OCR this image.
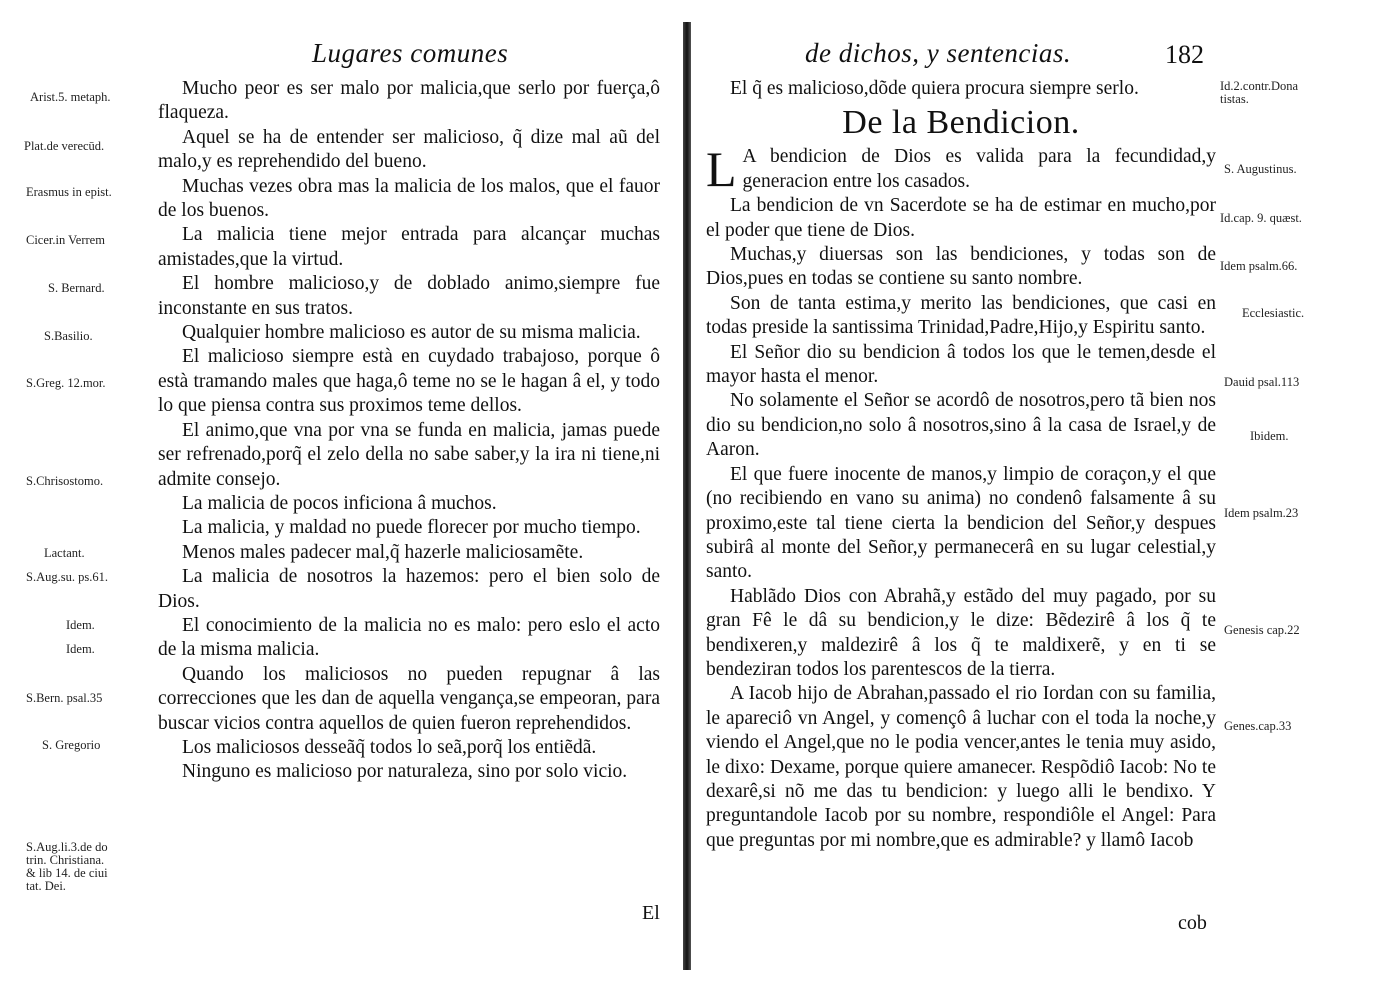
Lugares comunes
Arist.5. metaph.
Plat.de verecūd.
Erasmus in epist.
Cicer.in Verrem
S. Bernard.
S.Basilio.
S.Greg. 12.mor.
S.Chrisostomo.
Lactant.
S.Aug.su. ps.61.
Idem.
Idem.
S.Bern. psal.35
S. Gregorio
S.Aug.li.3.de do
trin. Christiana.
& lib 14. de ciui
tat. Dei.

Mucho peor es ser malo por malicia,que serlo por fuerça,ô flaqueza.

Aquel se ha de entender ser malicioso, q̃ dize mal aũ del malo,y es reprehendido del bueno.

Muchas vezes obra mas la malicia de los malos, que el fauor de los buenos.

La malicia tiene mejor entrada para alcançar muchas amistades,que la virtud.

El hombre malicioso,y de doblado animo,siempre fue inconstante en sus tratos.

Qualquier hombre malicioso es autor de su misma malicia.

El malicioso siempre està en cuydado trabajoso, porque ô està tramando males que haga,ô teme no se le hagan â el, y todo lo que piensa contra sus proximos teme dellos.

El animo,que vna por vna se funda en malicia, jamas puede ser refrenado,porq̃ el zelo della no sabe saber,y la ira ni tiene,ni admite consejo.

La malicia de pocos inficiona â muchos.

La malicia, y maldad no puede florecer por mucho tiempo.

Menos males padecer mal,q̃ hazerle maliciosamẽte.

La malicia de nosotros la hazemos: pero el bien solo de Dios.

El conocimiento de la malicia no es malo: pero eslo el acto de la misma malicia.

Quando los maliciosos no pueden repugnar â las correcciones que les dan de aquella vengança,se empeoran, para buscar vicios contra aquellos de quien fueron reprehendidos.

Los maliciosos desseãq̃ todos lo seã,porq̃ los entiẽdã.

Ninguno es malicioso por naturaleza, sino por solo vicio.

El
de dichos, y sentencias.	182

El q̃ es malicioso,dõde quiera procura siempre serlo.

De la Bendicion.

L A bendicion de Dios es valida para la fecundidad,y generacion entre los casados.

La bendicion de vn Sacerdote se ha de estimar en mucho,por el poder que tiene de Dios.

Muchas,y diuersas son las bendiciones, y todas son de Dios,pues en todas se contiene su santo nombre.

Son de tanta estima,y merito las bendiciones, que casi en todas preside la santissima Trinidad,Padre,Hijo,y Espiritu santo.

El Señor dio su bendicion â todos los que le temen,desde el mayor hasta el menor.

No solamente el Señor se acordô de nosotros,pero tã bien nos dio su bendicion,no solo â nosotros,sino â la casa de Israel,y de Aaron.

El que fuere inocente de manos,y limpio de coraçon,y el que (no recibiendo en vano su anima) no condenô falsamente â su proximo,este tal tiene cierta la bendicion del Señor,y despues subirâ al monte del Señor,y permanecerâ en su lugar celestial,y santo.

Hablãdo Dios con Abrahã,y estãdo del muy pagado, por su gran Fê le dâ su bendicion,y le dize: Bẽdezirê â los q̃ te bendixeren,y maldezirê â los q̃ te maldixerẽ, y en ti se bendeziran todos los parentescos de la tierra.

A Iacob hijo de Abrahan,passado el rio Iordan con su familia, le apareciô vn Angel, y començô â luchar con el toda la noche,y viendo el Angel,que no le podia vencer,antes le tenia muy asido, le dixo: Dexame, porque quiere amanecer. Respõdiô Iacob: No te dexarê,si nõ me das tu bendicion: y luego alli le bendixo. Y preguntandole Iacob por su nombre, respondiôle el Angel: Para que preguntas por mi nombre,que es admirable? y llamô Iacob

Id.2.contr.Dona
tistas.
S. Augustinus.
Id.cap. 9. quæst.
Idem psalm.66.
Ecclesiastic.
Dauid psal.113
Ibidem.
Idem psalm.23
Genesis cap.22
Genes.cap.33
cob
